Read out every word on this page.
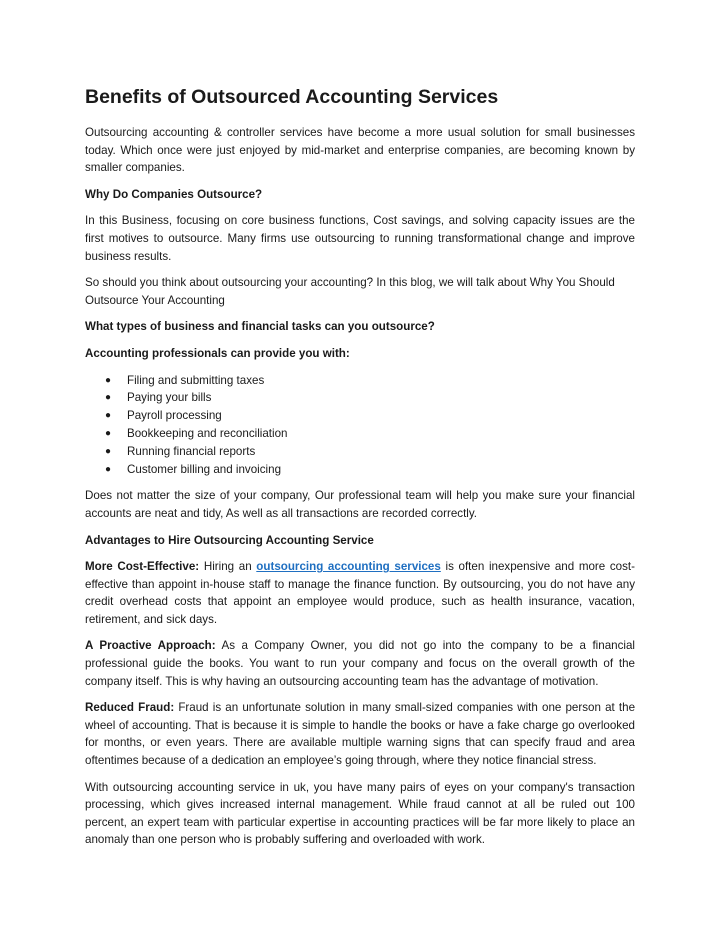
Benefits of Outsourced Accounting Services

Outsourcing accounting & controller services have become a more usual solution for small businesses today. Which once were just enjoyed by mid-market and enterprise companies, are becoming known by smaller companies.

Why Do Companies Outsource?

In this Business, focusing on core business functions, Cost savings, and solving capacity issues are the first motives to outsource. Many firms use outsourcing to running transformational change and improve business results.

So should you think about outsourcing your accounting? In this blog, we will talk about Why You Should Outsource Your Accounting

What types of business and financial tasks can you outsource?

Accounting professionals can provide you with:

● Filing and submitting taxes
● Paying your bills
● Payroll processing
● Bookkeeping and reconciliation
● Running financial reports
● Customer billing and invoicing

Does not matter the size of your company, Our professional team will help you make sure your financial accounts are neat and tidy, As well as all transactions are recorded correctly.

Advantages to Hire Outsourcing Accounting Service

More Cost-Effective: Hiring an outsourcing accounting services is often inexpensive and more cost-effective than appoint in-house staff to manage the finance function. By outsourcing, you do not have any credit overhead costs that appoint an employee would produce, such as health insurance, vacation, retirement, and sick days.

A Proactive Approach: As a Company Owner, you did not go into the company to be a financial professional guide the books. You want to run your company and focus on the overall growth of the company itself. This is why having an outsourcing accounting team has the advantage of motivation.

Reduced Fraud: Fraud is an unfortunate solution in many small-sized companies with one person at the wheel of accounting. That is because it is simple to handle the books or have a fake charge go overlooked for months, or even years. There are available multiple warning signs that can specify fraud and area oftentimes because of a dedication an employee’s going through, where they notice financial stress.

With outsourcing accounting service in uk, you have many pairs of eyes on your company's transaction processing, which gives increased internal management. While fraud cannot at all be ruled out 100 percent, an expert team with particular expertise in accounting practices will be far more likely to place an anomaly than one person who is probably suffering and overloaded with work.
